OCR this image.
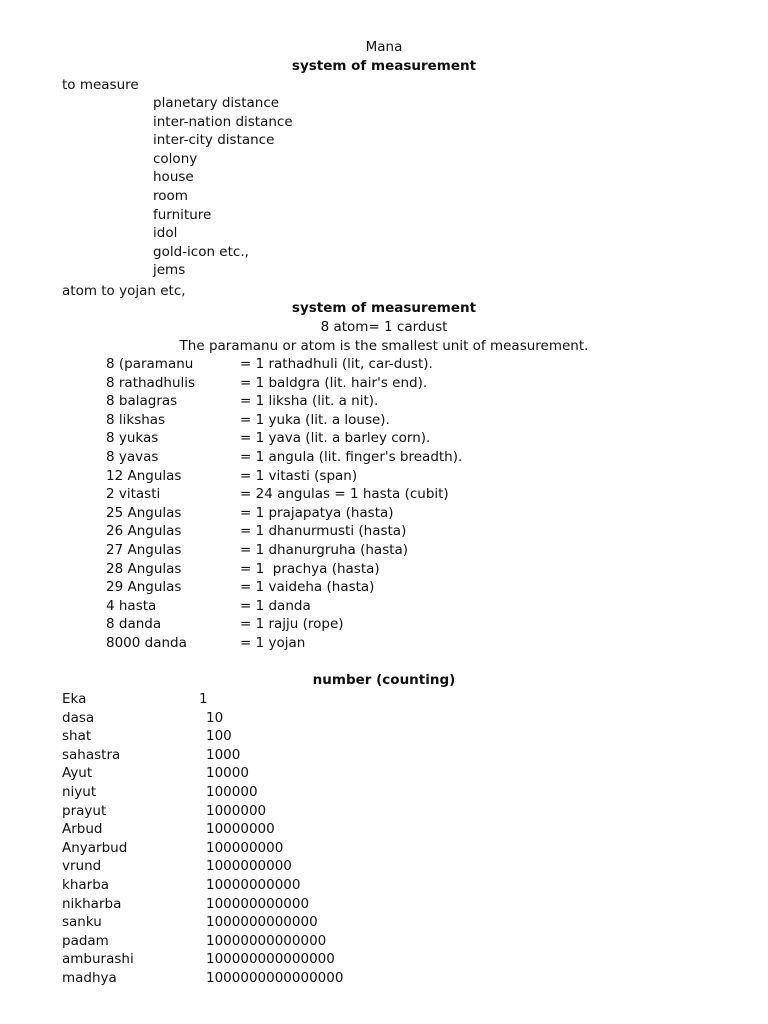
Mana
system of measurement
to measure
planetary distance
inter-nation distance
inter-city distance
colony
house
room
furniture
idol
gold-icon etc.,
jems
atom to yojan etc,
system of measurement
8 atom= 1 cardust
The paramanu or atom is the smallest unit of measurement.
8 (paramanu	= 1 rathadhuli (lit, car-dust).
8 rathadhulis	= 1 baldgra (lit. hair's end).
8 balagras	= 1 liksha (lit. a nit).
8 likshas	= 1 yuka (lit. a louse).
8 yukas	= 1 yava (lit. a barley corn).
8 yavas	= 1 angula (lit. finger's breadth).
12 Angulas	= 1 vitasti (span)
2 vitasti	= 24 angulas = 1 hasta (cubit)
25 Angulas	= 1 prajapatya (hasta)
26 Angulas	= 1 dhanurmusti (hasta)
27 Angulas	= 1 dhanurgruha (hasta)
28 Angulas	= 1  prachya (hasta)
29 Angulas	= 1 vaideha (hasta)
4 hasta	= 1 danda
8 danda	= 1 rajju (rope)
8000 danda	= 1 yojan
number (counting)
Eka	1
dasa	10
shat	100
sahastra	1000
Ayut	10000
niyut	100000
prayut	1000000
Arbud	10000000
Anyarbud	100000000
vrund	1000000000
kharba	10000000000
nikharba	100000000000
sanku	1000000000000
padam	10000000000000
amburashi	100000000000000
madhya	1000000000000000
